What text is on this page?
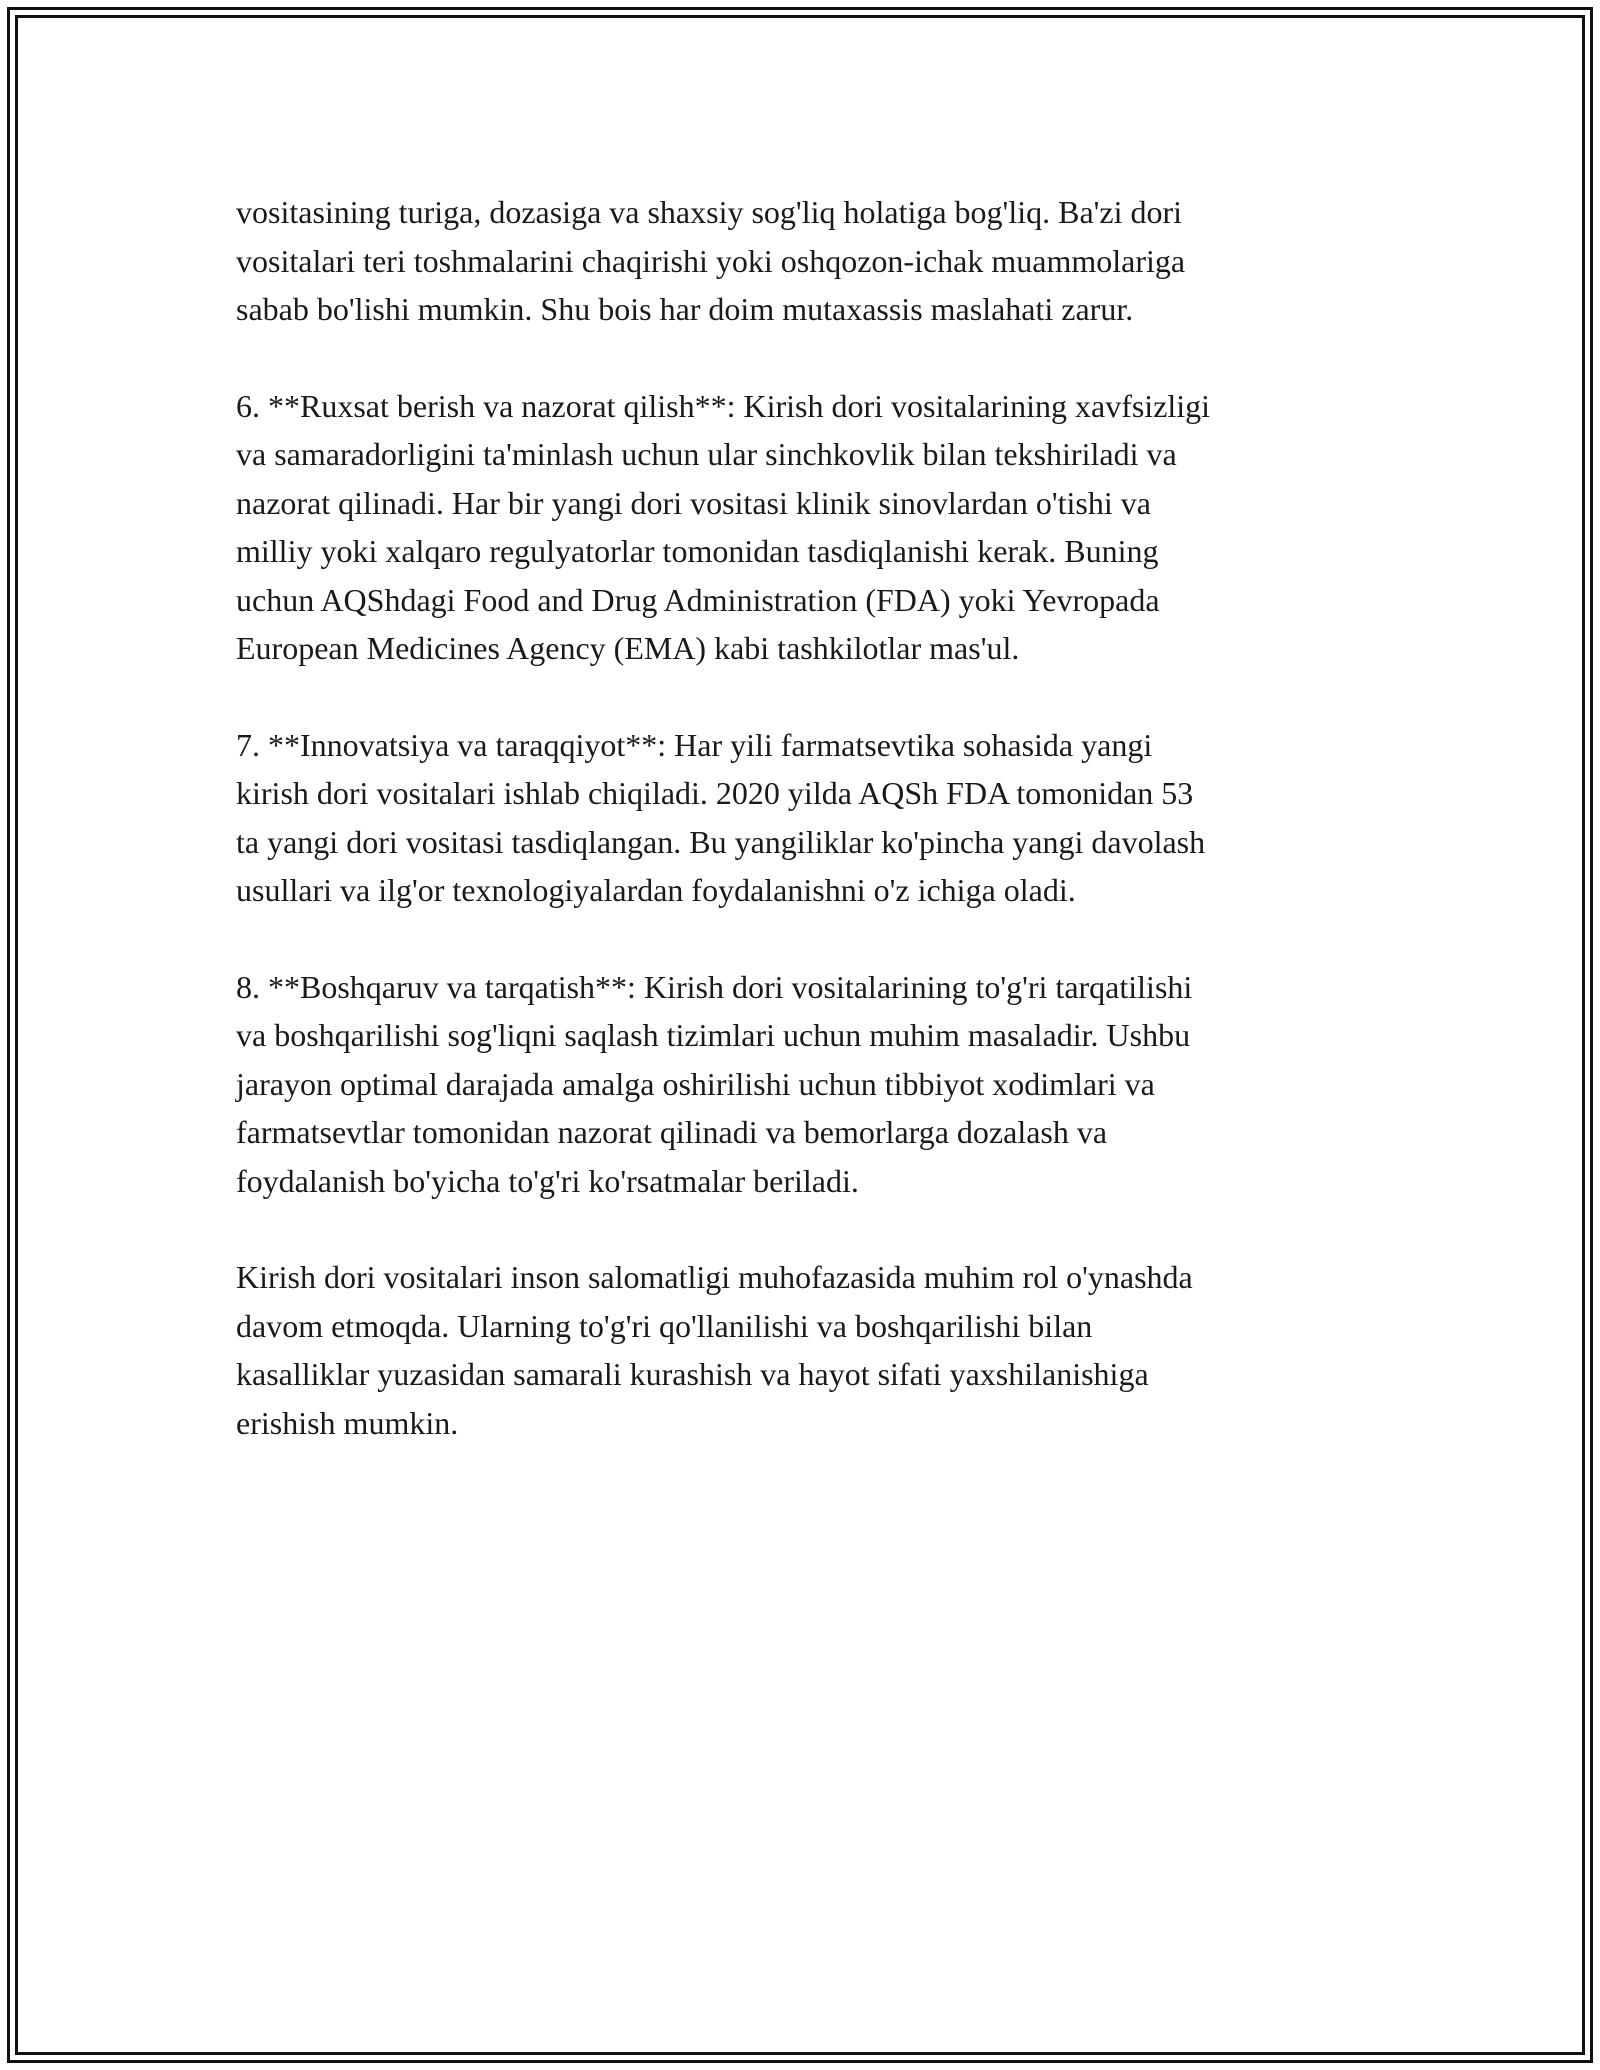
vositasining turiga, dozasiga va shaxsiy sog'liq holatiga bog'liq. Ba'zi dori
vositalari teri toshmalarini chaqirishi yoki oshqozon-ichak muammolariga
sabab bo'lishi mumkin. Shu bois har doim mutaxassis maslahati zarur.

6. **Ruxsat berish va nazorat qilish**: Kirish dori vositalarining xavfsizligi
va samaradorligini ta'minlash uchun ular sinchkovlik bilan tekshiriladi va
nazorat qilinadi. Har bir yangi dori vositasi klinik sinovlardan o'tishi va
milliy yoki xalqaro regulyatorlar tomonidan tasdiqlanishi kerak. Buning
uchun AQShdagi Food and Drug Administration (FDA) yoki Yevropada
European Medicines Agency (EMA) kabi tashkilotlar mas'ul.

7. **Innovatsiya va taraqqiyot**: Har yili farmatsevtika sohasida yangi
kirish dori vositalari ishlab chiqiladi. 2020 yilda AQSh FDA tomonidan 53
ta yangi dori vositasi tasdiqlangan. Bu yangiliklar ko'pincha yangi davolash
usullari va ilg'or texnologiyalardan foydalanishni o'z ichiga oladi.

8. **Boshqaruv va tarqatish**: Kirish dori vositalarining to'g'ri tarqatilishi
va boshqarilishi sog'liqni saqlash tizimlari uchun muhim masaladir. Ushbu
jarayon optimal darajada amalga oshirilishi uchun tibbiyot xodimlari va
farmatsevtlar tomonidan nazorat qilinadi va bemorlarga dozalash va
foydalanish bo'yicha to'g'ri ko'rsatmalar beriladi.

Kirish dori vositalari inson salomatligi muhofazasida muhim rol o'ynashda
davom etmoqda. Ularning to'g'ri qo'llanilishi va boshqarilishi bilan
kasalliklar yuzasidan samarali kurashish va hayot sifati yaxshilanishiga
erishish mumkin.
